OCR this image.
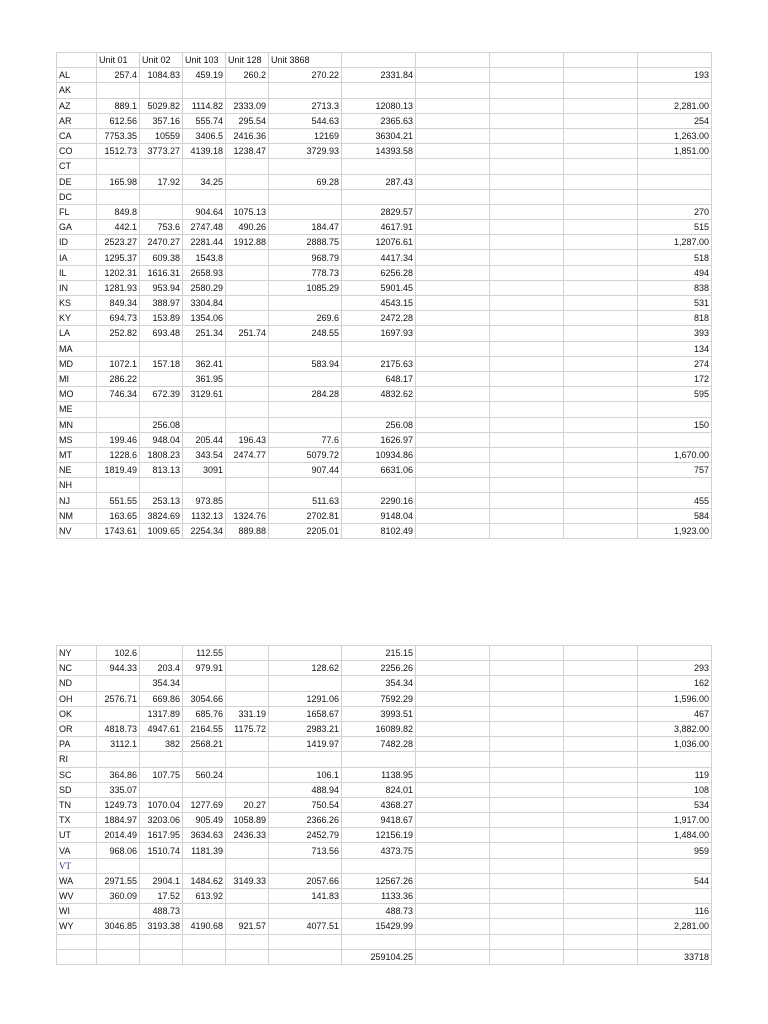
	Unit 01	Unit 02	Unit 103	Unit 128	Unit 3868					
AL	257.4	1084.83	459.19	260.2	270.22	2331.84				193
AK										
AZ	889.1	5029.82	1114.82	2333.09	2713.3	12080.13				2,281.00
AR	612.56	357.16	555.74	295.54	544.63	2365.63				254
CA	7753.35	10559	3406.5	2416.36	12169	36304.21				1,263.00
CO	1512.73	3773.27	4139.18	1238.47	3729.93	14393.58				1,851.00
CT										
DE	165.98	17.92	34.25		69.28	287.43				
DC										
FL	849.8		904.64	1075.13		2829.57				270
GA	442.1	753.6	2747.48	490.26	184.47	4617.91				515
ID	2523.27	2470.27	2281.44	1912.88	2888.75	12076.61				1,287.00
IA	1295.37	609.38	1543.8		968.79	4417.34				518
IL	1202.31	1616.31	2658.93		778.73	6256.28				494
IN	1281.93	953.94	2580.29		1085.29	5901.45				838
KS	849.34	388.97	3304.84			4543.15				531
KY	694.73	153.89	1354.06		269.6	2472.28				818
LA	252.82	693.48	251.34	251.74	248.55	1697.93				393
MA										134
MD	1072.1	157.18	362.41		583.94	2175.63				274
MI	286.22		361.95			648.17				172
MO	746.34	672.39	3129.61		284.28	4832.62				595
ME										
MN		256.08				256.08				150
MS	199.46	948.04	205.44	196.43	77.6	1626.97				
MT	1228.6	1808.23	343.54	2474.77	5079.72	10934.86				1,670.00
NE	1819.49	813.13	3091		907.44	6631.06				757
NH										
NJ	551.55	253.13	973.85		511.63	2290.16				455
NM	163.65	3824.69	1132.13	1324.76	2702.81	9148.04				584
NV	1743.61	1009.65	2254.34	889.88	2205.01	8102.49				1,923.00
NY	102.6		112.55			215.15				
NC	944.33	203.4	979.91		128.62	2256.26				293
ND		354.34				354.34				162
OH	2576.71	669.86	3054.66		1291.06	7592.29				1,596.00
OK		1317.89	685.76	331.19	1658.67	3993.51				467
OR	4818.73	4947.61	2164.55	1175.72	2983.21	16089.82				3,882.00
PA	3112.1	382	2568.21		1419.97	7482.28				1,036.00
RI										
SC	364.86	107.75	560.24		106.1	1138.95				119
SD	335.07				488.94	824.01				108
TN	1249.73	1070.04	1277.69	20.27	750.54	4368.27				534
TX	1884.97	3203.06	905.49	1058.89	2366.26	9418.67				1,917.00
UT	2014.49	1617.95	3634.63	2436.33	2452.79	12156.19				1,484.00
VA	968.06	1510.74	1181.39		713.56	4373.75				959
VT										
WA	2971.55	2904.1	1484.62	3149.33	2057.66	12567.26				544
WV	360.09	17.52	613.92		141.83	1133.36				
WI		488.73				488.73				116
WY	3046.85	3193.38	4190.68	921.57	4077.51	15429.99				2,281.00

						259104.25				33718
